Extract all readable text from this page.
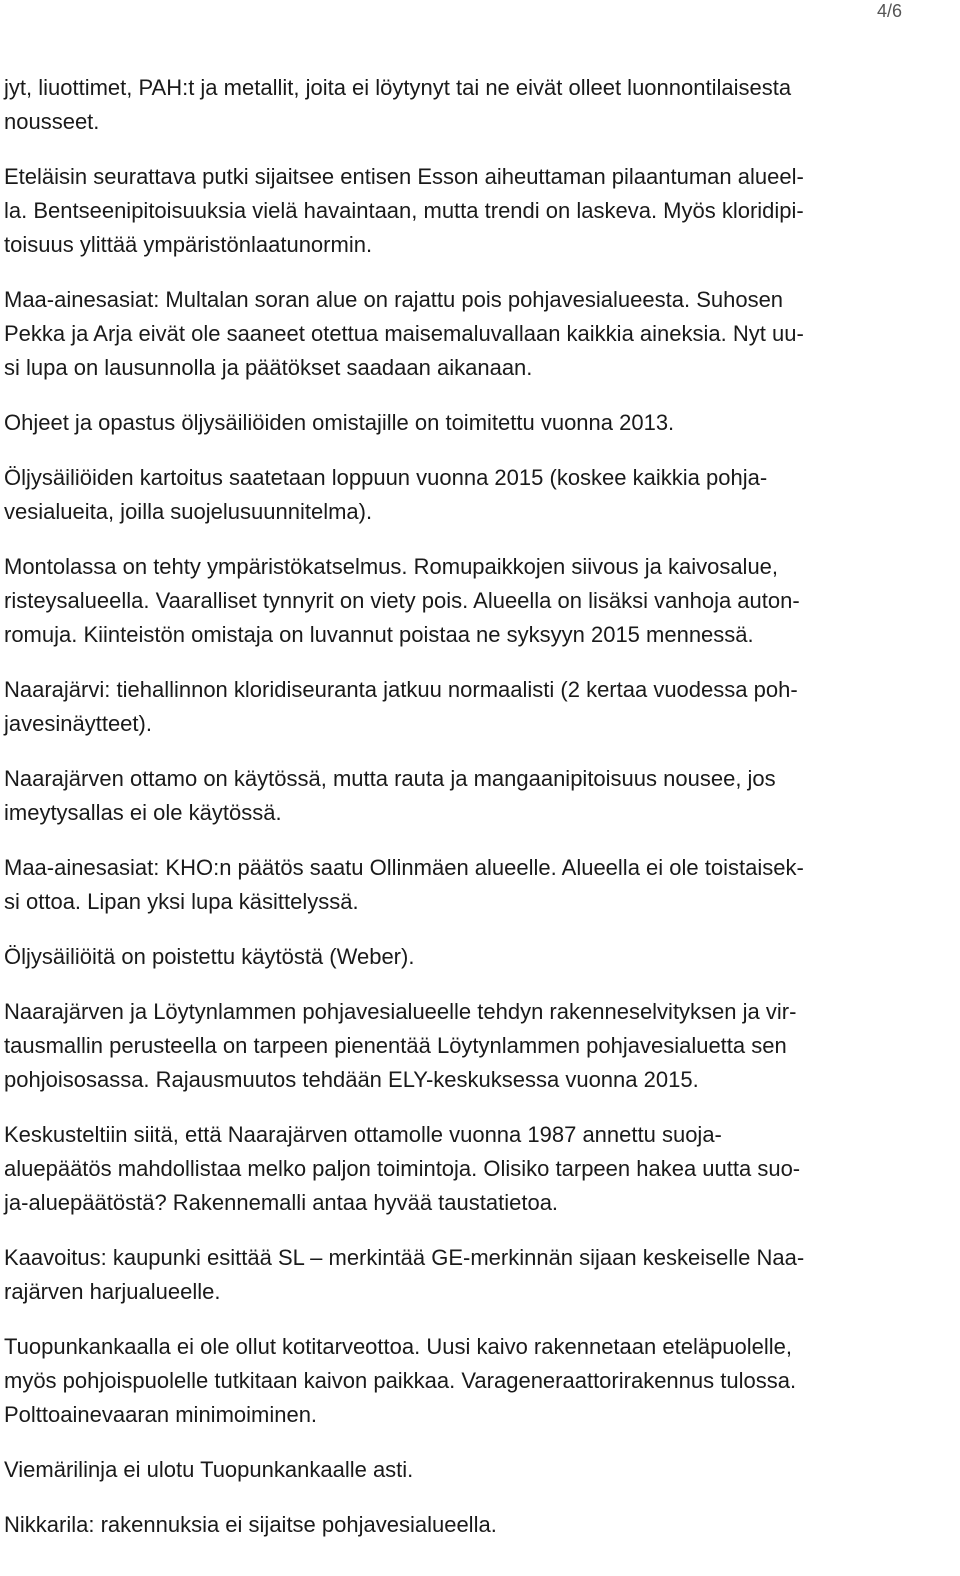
4/6

jyt, liuottimet, PAH:t ja metallit, joita ei löytynyt tai ne eivät olleet luonnontilaisesta
nousseet.

Eteläisin seurattava putki sijaitsee entisen Esson aiheuttaman pilaantuman alueel-
la. Bentseenipitoisuuksia vielä havaintaan, mutta trendi on laskeva. Myös kloridipi-
toisuus ylittää ympäristönlaatunormin.

Maa-ainesasiat: Multalan soran alue on rajattu pois pohjavesialueesta. Suhosen
Pekka ja Arja eivät ole saaneet otettua maisemaluvallaan kaikkia aineksia. Nyt uu-
si lupa on lausunnolla ja päätökset saadaan aikanaan.

Ohjeet ja opastus öljysäiliöiden omistajille on toimitettu vuonna 2013.

Öljysäiliöiden kartoitus saatetaan loppuun vuonna 2015 (koskee kaikkia pohja-
vesialueita, joilla suojelusuunnitelma).

Montolassa on tehty ympäristökatselmus. Romupaikkojen siivous ja kaivosalue,
risteysalueella. Vaaralliset tynnyrit on viety pois. Alueella on lisäksi vanhoja auton-
romuja. Kiinteistön omistaja on luvannut poistaa ne syksyyn 2015 mennessä.

Naarajärvi: tiehallinnon kloridiseuranta jatkuu normaalisti (2 kertaa vuodessa poh-
javesinäytteet).

Naarajärven ottamo on käytössä, mutta rauta ja mangaanipitoisuus nousee, jos
imeytysallas ei ole käytössä.

Maa-ainesasiat: KHO:n päätös saatu Ollinmäen alueelle. Alueella ei ole toistaisek-
si ottoa. Lipan yksi lupa käsittelyssä.

Öljysäiliöitä on poistettu käytöstä (Weber).

Naarajärven ja Löytynlammen pohjavesialueelle tehdyn rakenneselvityksen ja vir-
tausmallin perusteella on tarpeen pienentää Löytynlammen pohjavesialuetta sen
pohjoisosassa. Rajausmuutos tehdään ELY-keskuksessa vuonna 2015.

Keskusteltiin siitä, että Naarajärven ottamolle vuonna 1987 annettu suoja-
aluepäätös mahdollistaa melko paljon toimintoja. Olisiko tarpeen hakea uutta suo-
ja-aluepäätöstä? Rakennemalli antaa hyvää taustatietoa.

Kaavoitus: kaupunki esittää SL – merkintää GE-merkinnän sijaan keskeiselle Naa-
rajärven harjualueelle.

Tuopunkankaalla ei ole ollut kotitarveottoa. Uusi kaivo rakennetaan eteläpuolelle,
myös pohjoispuolelle tutkitaan kaivon paikkaa. Varageneraattorirakennus tulossa.
Polttoainevaaran minimoiminen.

Viemärilinja ei ulotu Tuopunkankaalle asti.

Nikkarila: rakennuksia ei sijaitse pohjavesialueella.
